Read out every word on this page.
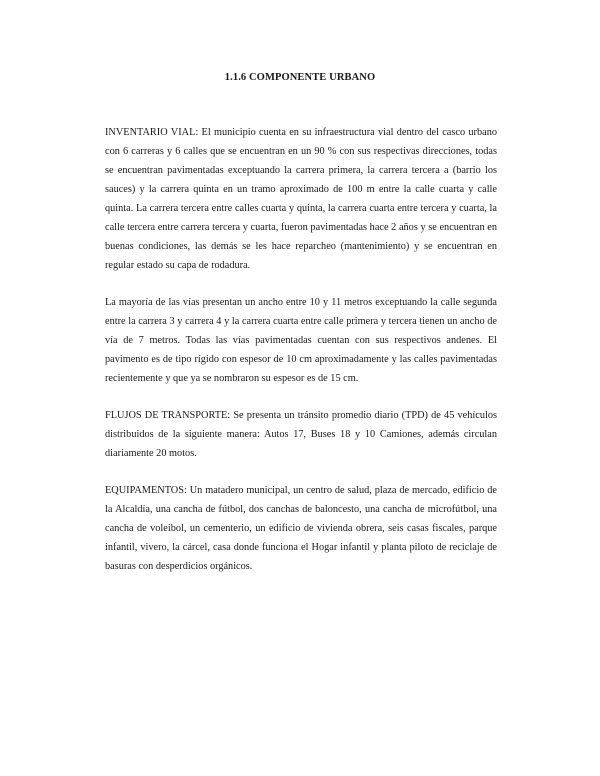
1.1.6 COMPONENTE URBANO

INVENTARIO VIAL: El municipio cuenta en su infraestructura vial dentro del casco urbano con 6 carreras y 6 calles que se encuentran en un 90 % con sus respectivas direcciones, todas se encuentran pavimentadas exceptuando la carrera primera, la carrera tercera a (barrio los sauces) y la carrera quinta en un tramo aproximado de 100 m entre la calle cuarta y calle quinta. La carrera tercera entre calles cuarta y quinta, la carrera cuarta entre tercera y cuarta, la calle tercera entre carrera tercera y cuarta, fueron pavimentadas hace 2 años y se encuentran en buenas condiciones, las demás se les hace reparcheo (mantenimiento) y se encuentran en regular estado su capa de rodadura.

La mayoría de las vías presentan un ancho entre 10 y 11 metros exceptuando la calle segunda entre la carrera 3 y carrera 4 y la carrera cuarta entre calle primera y tercera tienen un ancho de vía de 7 metros. Todas las vías pavimentadas cuentan con sus respectivos andenes. El pavimento es de tipo rígido con espesor de 10 cm aproximadamente y las calles pavimentadas recientemente y que ya se nombraron su espesor es de 15 cm.

FLUJOS DE TRANSPORTE: Se presenta un tránsito promedio diario (TPD) de 45 vehículos distribuidos de la siguiente manera: Autos 17, Buses 18 y 10 Camiones, además circulan diariamente 20 motos.

EQUIPAMENTOS: Un matadero municipal, un centro de salud, plaza de mercado, edificio de la Alcaldía, una cancha de fútbol, dos canchas de baloncesto, una cancha de microfútbol, una cancha de voleibol, un cementerio, un edificio de vivienda obrera, seis casas fiscales, parque infantil, vivero, la cárcel, casa donde funciona el Hogar infantil y planta piloto de reciclaje de basuras con desperdicios orgánicos.
